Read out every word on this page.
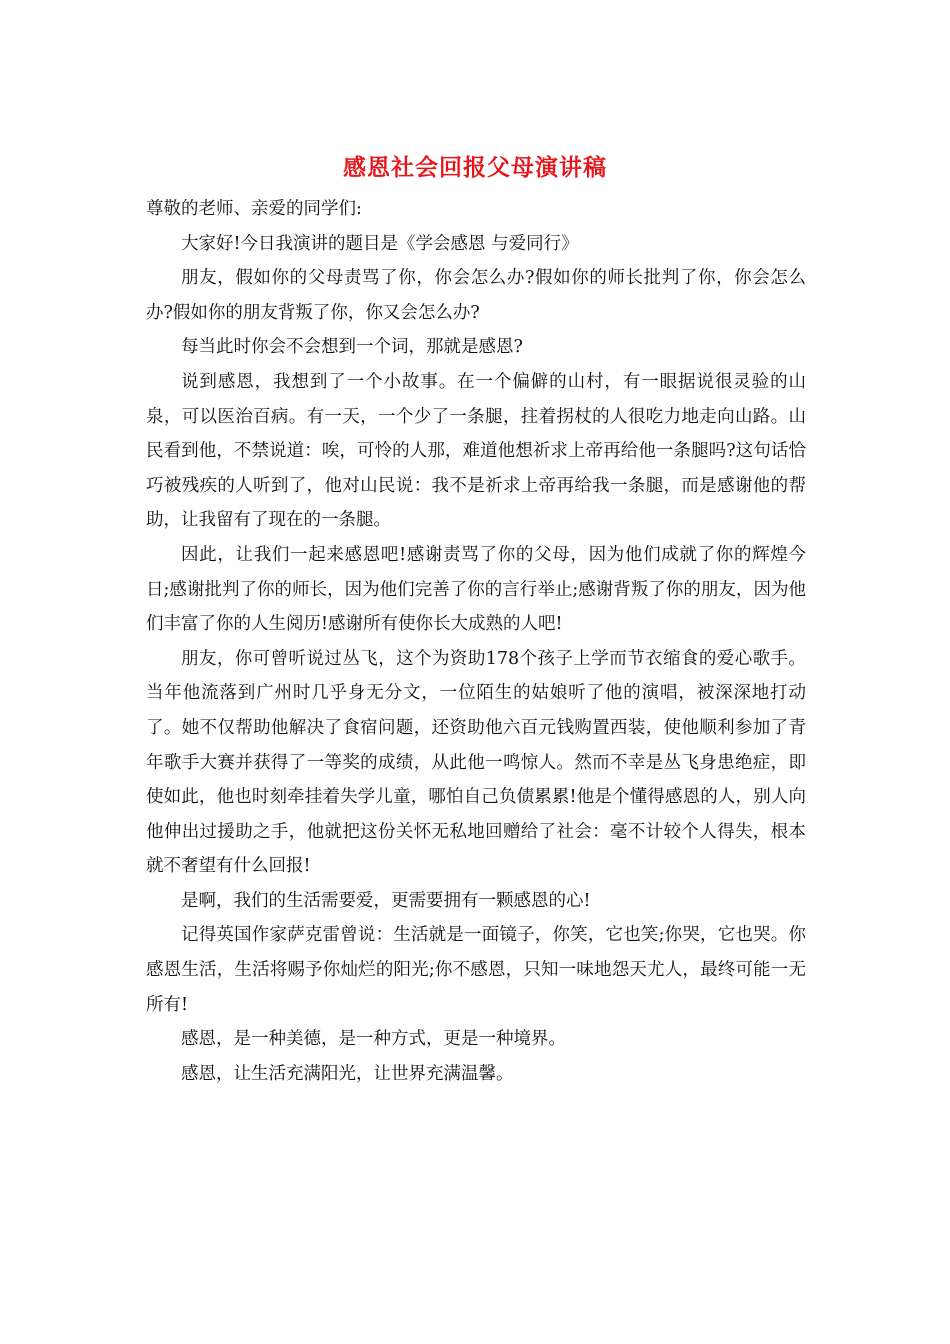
感恩社会回报父母演讲稿

尊敬的老师、亲爱的同学们:

大家好!今日我演讲的题目是《学会感恩 与爱同行》

朋友，假如你的父母责骂了你，你会怎么办?假如你的师长批判了你，你会怎么办?假如你的朋友背叛了你，你又会怎么办?

每当此时你会不会想到一个词，那就是感恩?

说到感恩，我想到了一个小故事。在一个偏僻的山村，有一眼据说很灵验的山泉，可以医治百病。有一天，一个少了一条腿，拄着拐杖的人很吃力地走向山路。山民看到他，不禁说道：唉，可怜的人那，难道他想祈求上帝再给他一条腿吗?这句话恰巧被残疾的人听到了，他对山民说：我不是祈求上帝再给我一条腿，而是感谢他的帮助，让我留有了现在的一条腿。

因此，让我们一起来感恩吧!感谢责骂了你的父母，因为他们成就了你的辉煌今日;感谢批判了你的师长，因为他们完善了你的言行举止;感谢背叛了你的朋友，因为他们丰富了你的人生阅历!感谢所有使你长大成熟的人吧!

朋友，你可曾听说过丛飞，这个为资助178个孩子上学而节衣缩食的爱心歌手。当年他流落到广州时几乎身无分文，一位陌生的姑娘听了他的演唱，被深深地打动了。她不仅帮助他解决了食宿问题，还资助他六百元钱购置西装，使他顺利参加了青年歌手大赛并获得了一等奖的成绩，从此他一鸣惊人。然而不幸是丛飞身患绝症，即使如此，他也时刻牵挂着失学儿童，哪怕自己负债累累!他是个懂得感恩的人，别人向他伸出过援助之手，他就把这份关怀无私地回赠给了社会：毫不计较个人得失，根本就不奢望有什么回报!

是啊，我们的生活需要爱，更需要拥有一颗感恩的心!

记得英国作家萨克雷曾说：生活就是一面镜子，你笑，它也笑;你哭，它也哭。你感恩生活，生活将赐予你灿烂的阳光;你不感恩，只知一味地怨天尤人，最终可能一无所有!

感恩，是一种美德，是一种方式，更是一种境界。

感恩，让生活充满阳光，让世界充满温馨。
